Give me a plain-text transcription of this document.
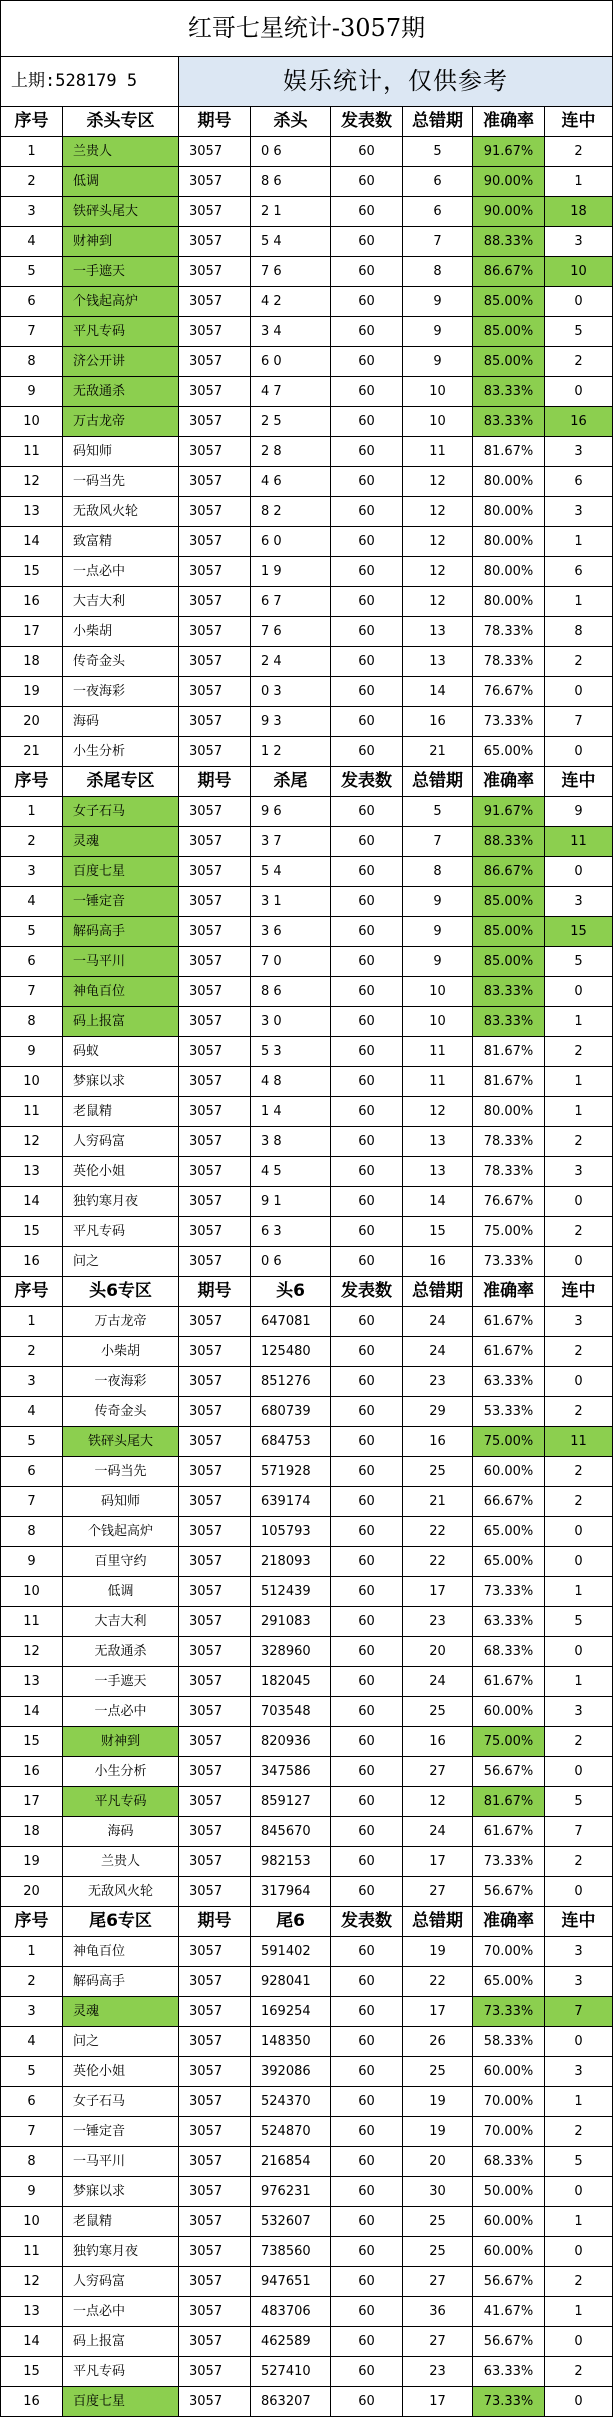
红哥七星统计-3057期
上期:528179 5	娱乐统计，仅供参考
序号	杀头专区	期号	杀头	发表数	总错期	准确率	连中
1	兰贵人	3057	0 6	60	5	91.67%	2
2	低调	3057	8 6	60	6	90.00%	1
3	铁砰头尾大	3057	2 1	60	6	90.00%	18
4	财神到	3057	5 4	60	7	88.33%	3
5	一手遮天	3057	7 6	60	8	86.67%	10
6	个钱起高炉	3057	4 2	60	9	85.00%	0
7	平凡专码	3057	3 4	60	9	85.00%	5
8	济公开讲	3057	6 0	60	9	85.00%	2
9	无敌通杀	3057	4 7	60	10	83.33%	0
10	万古龙帝	3057	2 5	60	10	83.33%	16
11	码知师	3057	2 8	60	11	81.67%	3
12	一码当先	3057	4 6	60	12	80.00%	6
13	无敌风火轮	3057	8 2	60	12	80.00%	3
14	致富精	3057	6 0	60	12	80.00%	1
15	一点必中	3057	1 9	60	12	80.00%	6
16	大吉大利	3057	6 7	60	12	80.00%	1
17	小柴胡	3057	7 6	60	13	78.33%	8
18	传奇金头	3057	2 4	60	13	78.33%	2
19	一夜海彩	3057	0 3	60	14	76.67%	0
20	海码	3057	9 3	60	16	73.33%	7
21	小生分析	3057	1 2	60	21	65.00%	0
序号	杀尾专区	期号	杀尾	发表数	总错期	准确率	连中
1	女子石马	3057	9 6	60	5	91.67%	9
2	灵魂	3057	3 7	60	7	88.33%	11
3	百度七星	3057	5 4	60	8	86.67%	0
4	一锤定音	3057	3 1	60	9	85.00%	3
5	解码高手	3057	3 6	60	9	85.00%	15
6	一马平川	3057	7 0	60	9	85.00%	5
7	神龟百位	3057	8 6	60	10	83.33%	0
8	码上报富	3057	3 0	60	10	83.33%	1
9	码蚁	3057	5 3	60	11	81.67%	2
10	梦寐以求	3057	4 8	60	11	81.67%	1
11	老鼠精	3057	1 4	60	12	80.00%	1
12	人穷码富	3057	3 8	60	13	78.33%	2
13	英伦小姐	3057	4 5	60	13	78.33%	3
14	独钓寒月夜	3057	9 1	60	14	76.67%	0
15	平凡专码	3057	6 3	60	15	75.00%	2
16	问之	3057	0 6	60	16	73.33%	0
序号	头6专区	期号	头6	发表数	总错期	准确率	连中
1	万古龙帝	3057	647081	60	24	61.67%	3
2	小柴胡	3057	125480	60	24	61.67%	2
3	一夜海彩	3057	851276	60	23	63.33%	0
4	传奇金头	3057	680739	60	29	53.33%	2
5	铁砰头尾大	3057	684753	60	16	75.00%	11
6	一码当先	3057	571928	60	25	60.00%	2
7	码知师	3057	639174	60	21	66.67%	2
8	个钱起高炉	3057	105793	60	22	65.00%	0
9	百里守约	3057	218093	60	22	65.00%	0
10	低调	3057	512439	60	17	73.33%	1
11	大吉大利	3057	291083	60	23	63.33%	5
12	无敌通杀	3057	328960	60	20	68.33%	0
13	一手遮天	3057	182045	60	24	61.67%	1
14	一点必中	3057	703548	60	25	60.00%	3
15	财神到	3057	820936	60	16	75.00%	2
16	小生分析	3057	347586	60	27	56.67%	0
17	平凡专码	3057	859127	60	12	81.67%	5
18	海码	3057	845670	60	24	61.67%	7
19	兰贵人	3057	982153	60	17	73.33%	2
20	无敌风火轮	3057	317964	60	27	56.67%	0
序号	尾6专区	期号	尾6	发表数	总错期	准确率	连中
1	神龟百位	3057	591402	60	19	70.00%	3
2	解码高手	3057	928041	60	22	65.00%	3
3	灵魂	3057	169254	60	17	73.33%	7
4	问之	3057	148350	60	26	58.33%	0
5	英伦小姐	3057	392086	60	25	60.00%	3
6	女子石马	3057	524370	60	19	70.00%	1
7	一锤定音	3057	524870	60	19	70.00%	2
8	一马平川	3057	216854	60	20	68.33%	5
9	梦寐以求	3057	976231	60	30	50.00%	0
10	老鼠精	3057	532607	60	25	60.00%	1
11	独钓寒月夜	3057	738560	60	25	60.00%	0
12	人穷码富	3057	947651	60	27	56.67%	2
13	一点必中	3057	483706	60	36	41.67%	1
14	码上报富	3057	462589	60	27	56.67%	0
15	平凡专码	3057	527410	60	23	63.33%	2
16	百度七星	3057	863207	60	17	73.33%	0
